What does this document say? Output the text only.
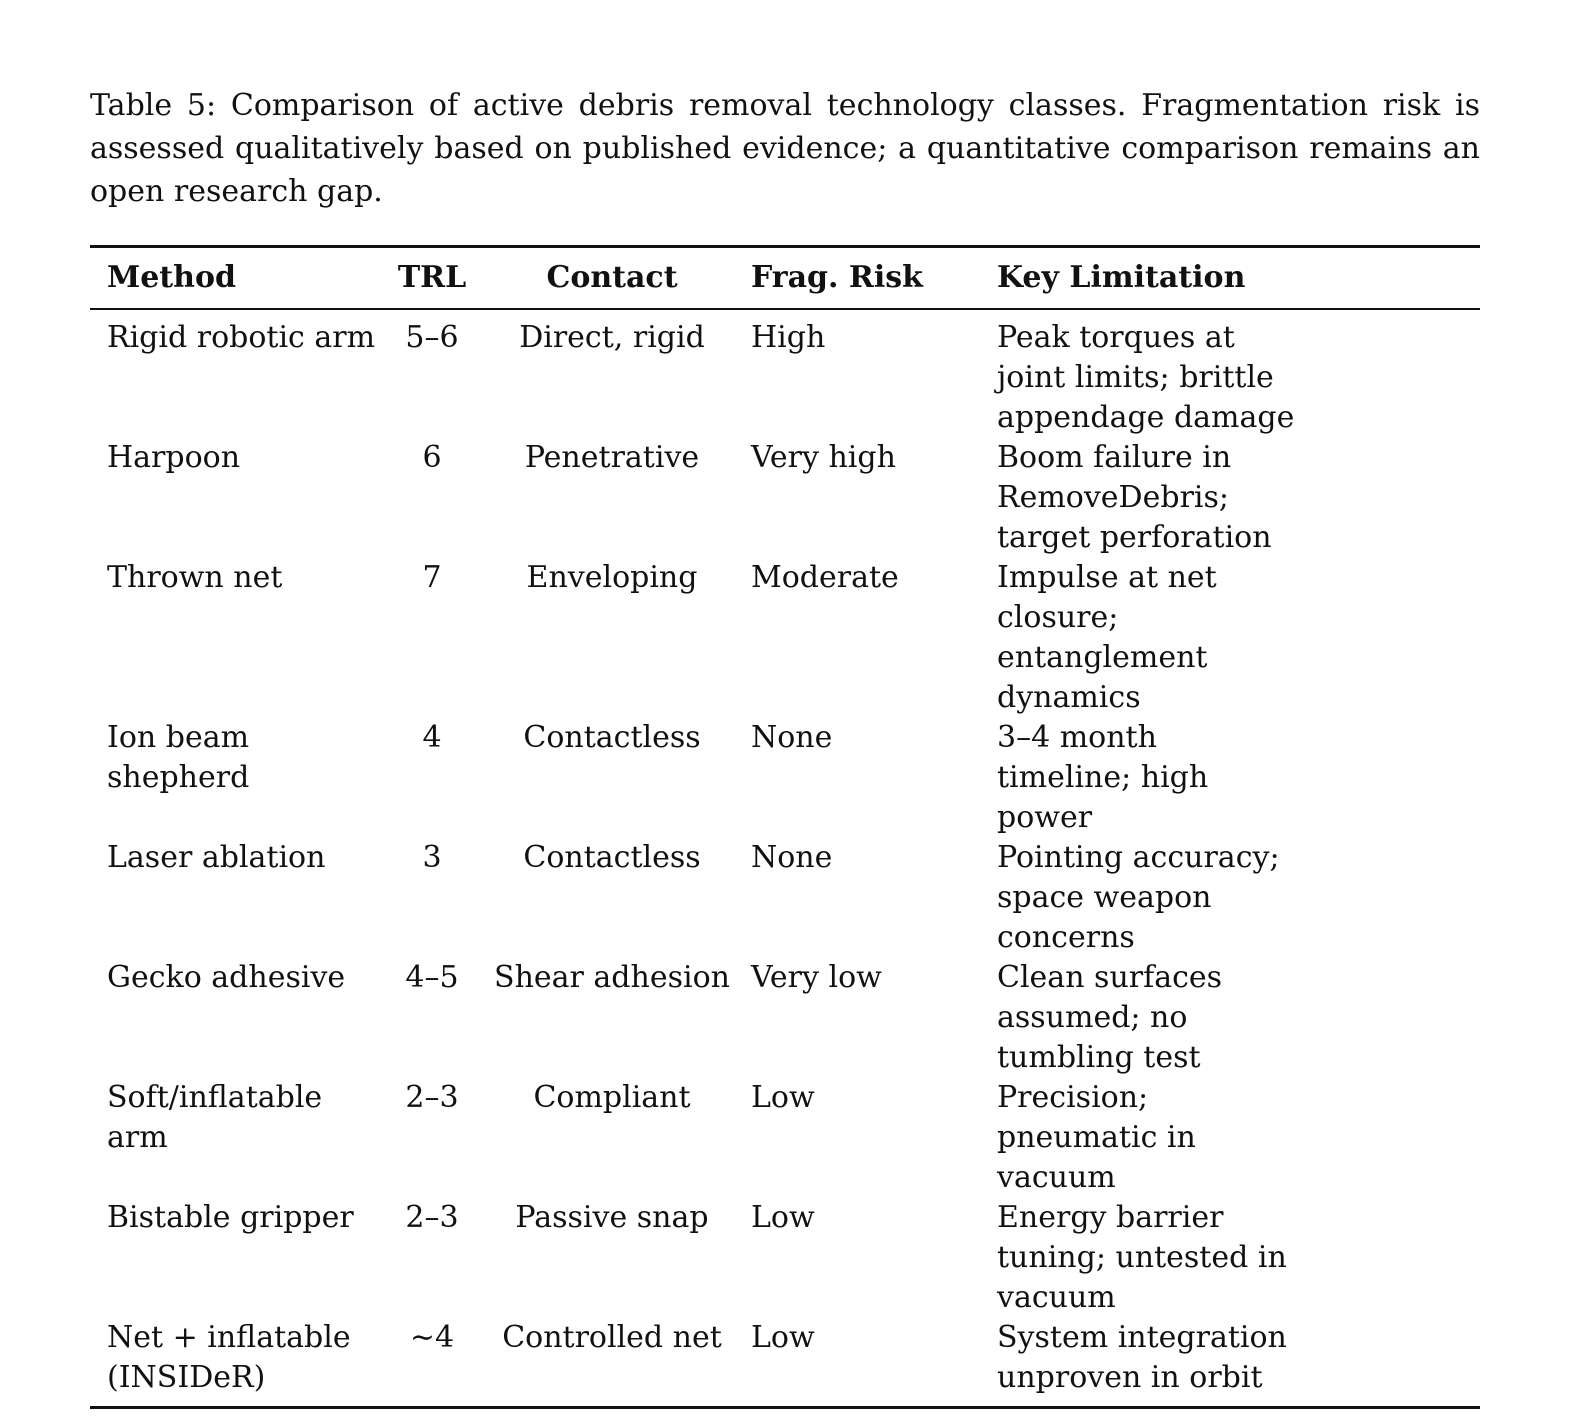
Table 5: Comparison of active debris removal technology classes. Fragmentation risk is assessed qualitatively based on published evidence; a quantitative comparison remains an open research gap.

Method	TRL	Contact	Frag. Risk	Key Limitation
Rigid robotic arm	5–6	Direct, rigid	High	Peak torques at joint limits; brittle appendage damage

Harpoon	6	Penetrative	Very high	Boom failure in RemoveDebris; target perforation

Thrown net	7	Enveloping	Moderate	Impulse at net closure; entanglement dynamics

Ion beam shepherd	4	Contactless	None	3–4 month timeline; high power

Laser ablation	3	Contactless	None	Pointing accuracy; space weapon concerns

Gecko adhesive	4–5	Shear adhesion	Very low	Clean surfaces assumed; no tumbling test

Soft/inflatable arm	2–3	Compliant	Low	Precision; pneumatic in vacuum

Bistable gripper	2–3	Passive snap	Low	Energy barrier tuning; untested in vacuum

Net + inflatable (INSIDeR)	∼4	Controlled net	Low	System integration unproven in orbit
